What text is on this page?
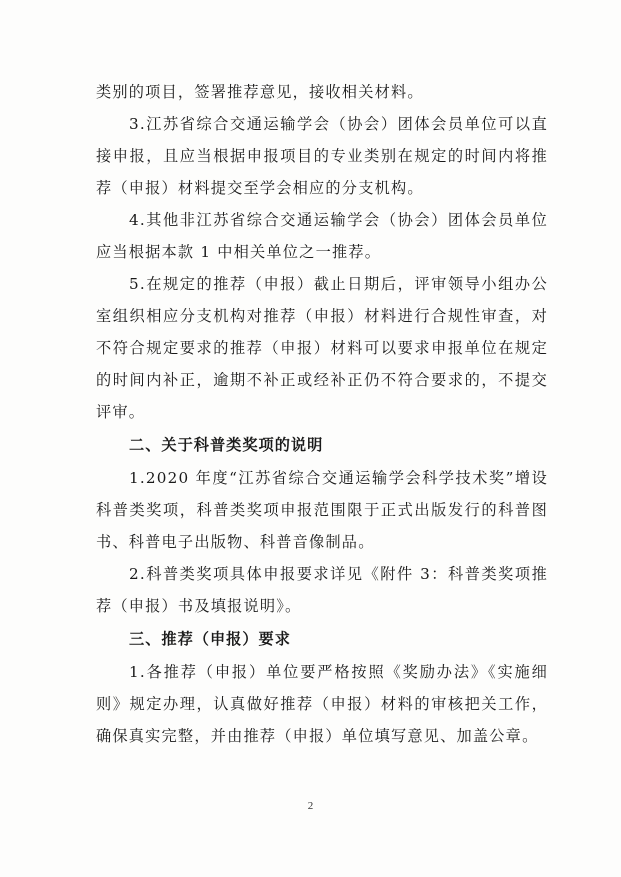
类别的项目，签署推荐意见，接收相关材料。

3.江苏省综合交通运输学会（协会）团体会员单位可以直接申报，且应当根据申报项目的专业类别在规定的时间内将推荐（申报）材料提交至学会相应的分支机构。

4.其他非江苏省综合交通运输学会（协会）团体会员单位应当根据本款 1 中相关单位之一推荐。

5.在规定的推荐（申报）截止日期后，评审领导小组办公室组织相应分支机构对推荐（申报）材料进行合规性审查，对不符合规定要求的推荐（申报）材料可以要求申报单位在规定的时间内补正，逾期不补正或经补正仍不符合要求的，不提交评审。

二、关于科普类奖项的说明

1.2020 年度“江苏省综合交通运输学会科学技术奖”增设科普类奖项，科普类奖项申报范围限于正式出版发行的科普图书、科普电子出版物、科普音像制品。

2.科普类奖项具体申报要求详见《附件 3：科普类奖项推荐（申报）书及填报说明》。

三、推荐（申报）要求

1.各推荐（申报）单位要严格按照《奖励办法》《实施细则》规定办理，认真做好推荐（申报）材料的审核把关工作，确保真实完整，并由推荐（申报）单位填写意见、加盖公章。

2
